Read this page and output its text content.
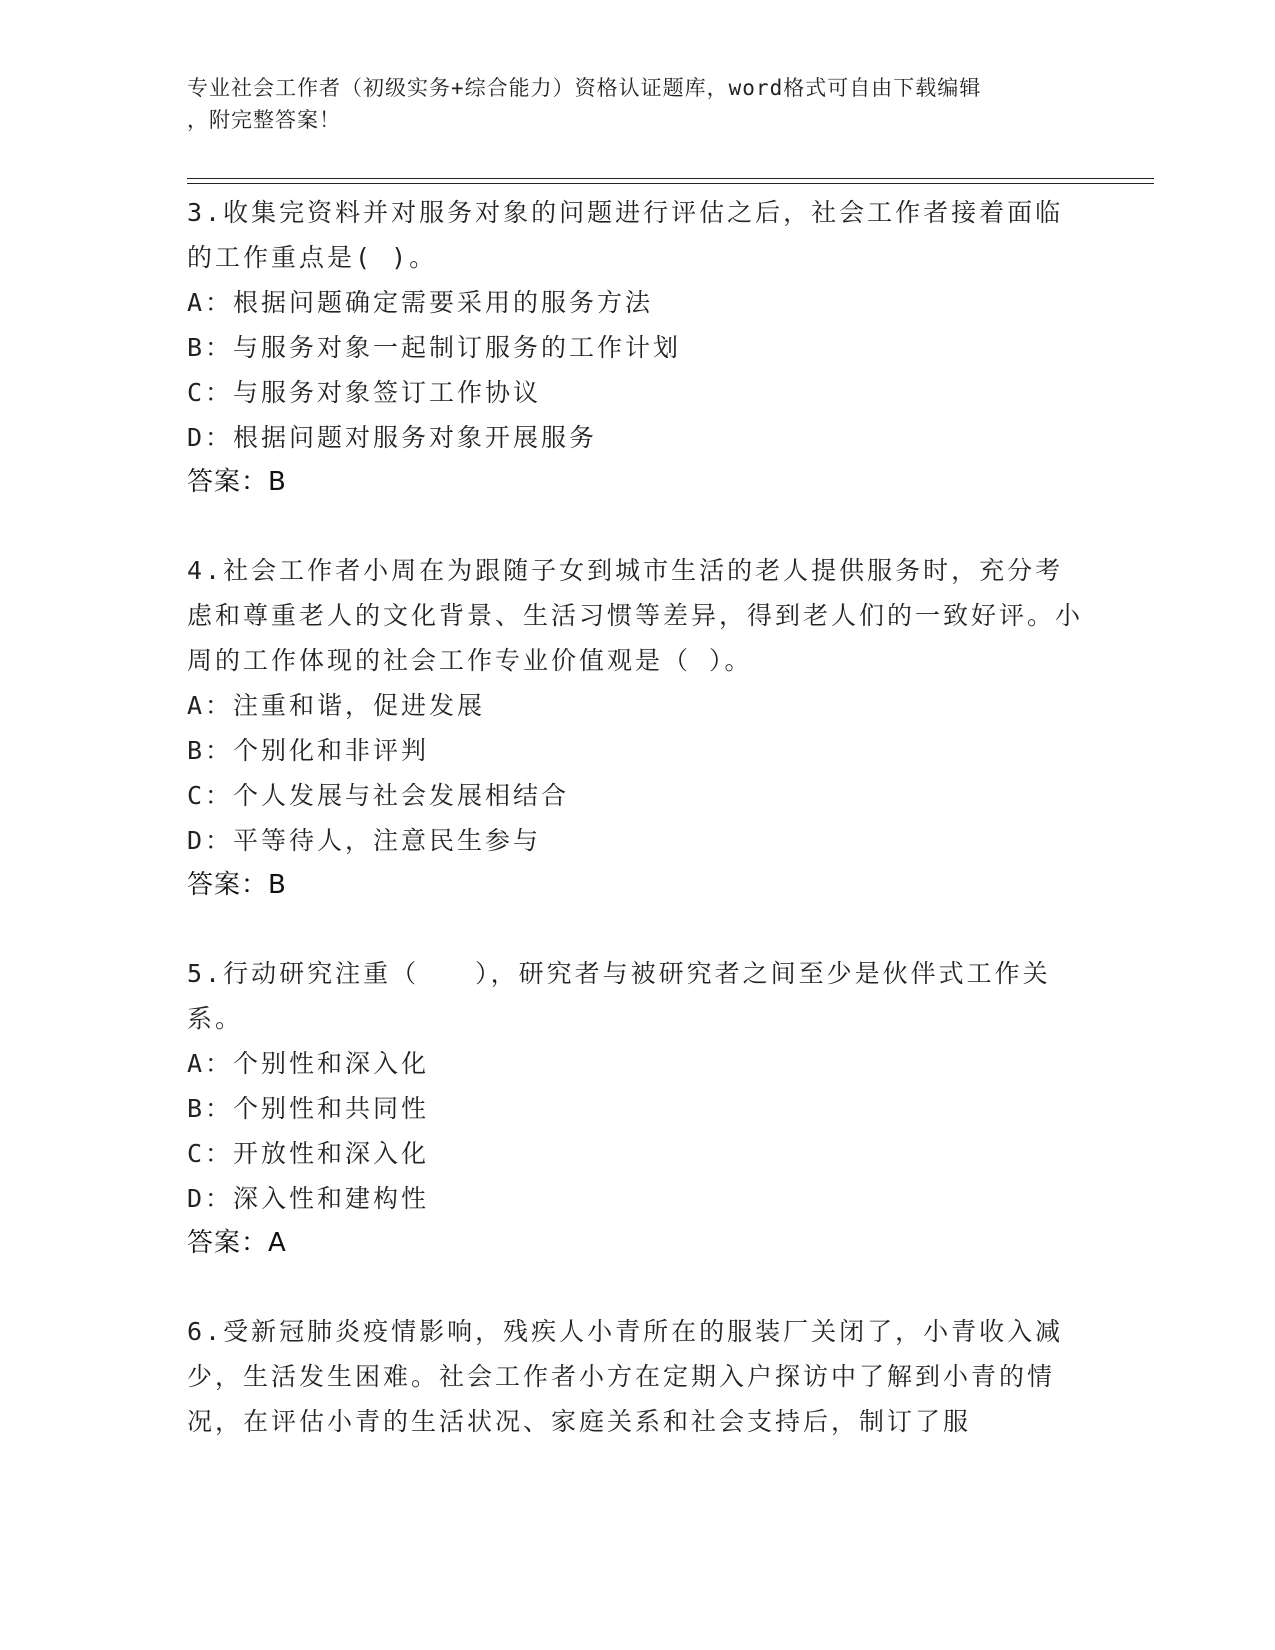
专业社会工作者（初级实务+综合能力）资格认证题库，word格式可自由下载编辑
，附完整答案！

3.收集完资料并对服务对象的问题进行评估之后，社会工作者接着面临的工作重点是( )。

A：根据问题确定需要采用的服务方法

B：与服务对象一起制订服务的工作计划

C：与服务对象签订工作协议

D：根据问题对服务对象开展服务

答案：B

4.社会工作者小周在为跟随子女到城市生活的老人提供服务时，充分考虑和尊重老人的文化背景、生活习惯等差异，得到老人们的一致好评。小周的工作体现的社会工作专业价值观是（ ）。

A：注重和谐，促进发展

B：个别化和非评判

C：个人发展与社会发展相结合

D：平等待人，注意民生参与

答案：B

5.行动研究注重（　　），研究者与被研究者之间至少是伙伴式工作关系。

A：个别性和深入化

B：个别性和共同性

C：开放性和深入化

D：深入性和建构性

答案：A

6.受新冠肺炎疫情影响，残疾人小青所在的服装厂关闭了，小青收入减少，生活发生困难。社会工作者小方在定期入户探访中了解到小青的情况，在评估小青的生活状况、家庭关系和社会支持后，制订了服
